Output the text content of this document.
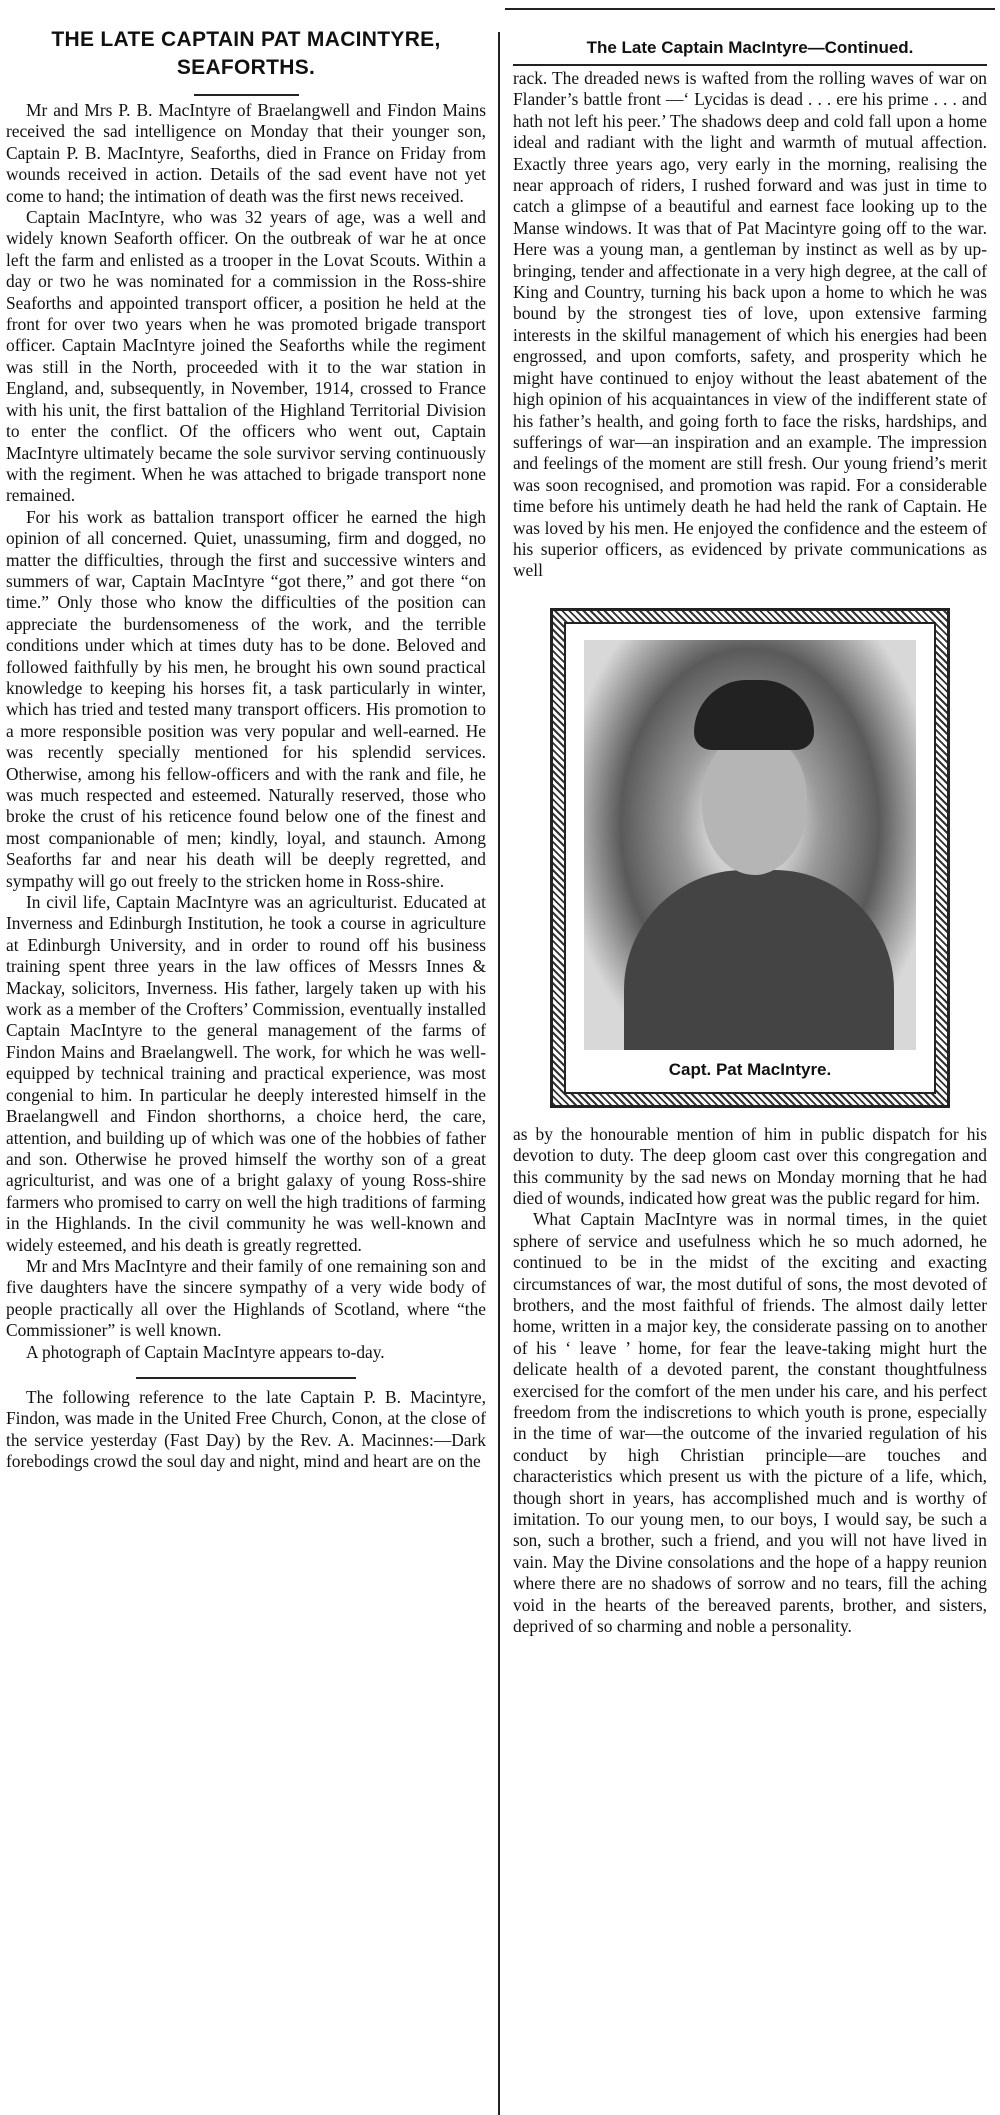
THE LATE CAPTAIN PAT MACINTYRE, SEAFORTHS.

Mr and Mrs P. B. MacIntyre of Braelangwell and Findon Mains received the sad intelligence on Monday that their younger son, Captain P. B. MacIntyre, Seaforths, died in France on Friday from wounds received in action. Details of the sad event have not yet come to hand; the intimation of death was the first news received.

Captain MacIntyre, who was 32 years of age, was a well and widely known Seaforth officer. On the outbreak of war he at once left the farm and enlisted as a trooper in the Lovat Scouts. Within a day or two he was nominated for a commission in the Ross-shire Seaforths and appointed transport officer, a position he held at the front for over two years when he was promoted brigade transport officer. Captain MacIntyre joined the Seaforths while the regiment was still in the North, proceeded with it to the war station in England, and, subsequently, in November, 1914, crossed to France with his unit, the first battalion of the Highland Territorial Division to enter the conflict. Of the officers who went out, Captain MacIntyre ultimately became the sole survivor serving continuously with the regiment. When he was attached to brigade transport none remained.

For his work as battalion transport officer he earned the high opinion of all concerned. Quiet, unassuming, firm and dogged, no matter the difficulties, through the first and successive winters and summers of war, Captain MacIntyre “got there,” and got there “on time.” Only those who know the difficulties of the position can appreciate the burdensomeness of the work, and the terrible conditions under which at times duty has to be done. Beloved and followed faithfully by his men, he brought his own sound practical knowledge to keeping his horses fit, a task particularly in winter, which has tried and tested many transport officers. His promotion to a more responsible position was very popular and well-earned. He was recently specially mentioned for his splendid services. Otherwise, among his fellow-officers and with the rank and file, he was much respected and esteemed. Naturally reserved, those who broke the crust of his reticence found below one of the finest and most companionable of men; kindly, loyal, and staunch. Among Seaforths far and near his death will be deeply regretted, and sympathy will go out freely to the stricken home in Ross-shire.

In civil life, Captain MacIntyre was an agriculturist. Educated at Inverness and Edinburgh Institution, he took a course in agriculture at Edinburgh University, and in order to round off his business training spent three years in the law offices of Messrs Innes & Mackay, solicitors, Inverness. His father, largely taken up with his work as a member of the Crofters’ Commission, eventually installed Captain MacIntyre to the general management of the farms of Findon Mains and Braelangwell. The work, for which he was well-equipped by technical training and practical experience, was most congenial to him. In particular he deeply interested himself in the Braelangwell and Findon shorthorns, a choice herd, the care, attention, and building up of which was one of the hobbies of father and son. Otherwise he proved himself the worthy son of a great agriculturist, and was one of a bright galaxy of young Ross-shire farmers who promised to carry on well the high traditions of farming in the Highlands. In the civil community he was well-known and widely esteemed, and his death is greatly regretted.

Mr and Mrs MacIntyre and their family of one remaining son and five daughters have the sincere sympathy of a very wide body of people practically all over the Highlands of Scotland, where “the Commissioner” is well known.

A photograph of Captain MacIntyre appears to-day.

The following reference to the late Captain P. B. Macintyre, Findon, was made in the United Free Church, Conon, at the close of the service yesterday (Fast Day) by the Rev. A. Macinnes:—Dark forebodings crowd the soul day and night, mind and heart are on the

The Late Captain MacIntyre—Continued.

rack. The dreaded news is wafted from the rolling waves of war on Flander’s battle front —‘ Lycidas is dead . . . ere his prime . . . and hath not left his peer.’ The shadows deep and cold fall upon a home ideal and radiant with the light and warmth of mutual affection. Exactly three years ago, very early in the morning, realising the near approach of riders, I rushed forward and was just in time to catch a glimpse of a beautiful and earnest face looking up to the Manse windows. It was that of Pat Macintyre going off to the war. Here was a young man, a gentleman by instinct as well as by up-bringing, tender and affectionate in a very high degree, at the call of King and Country, turning his back upon a home to which he was bound by the strongest ties of love, upon extensive farming interests in the skilful management of which his energies had been engrossed, and upon comforts, safety, and prosperity which he might have continued to enjoy without the least abatement of the high opinion of his acquaintances in view of the indifferent state of his father’s health, and going forth to face the risks, hardships, and sufferings of war—an inspiration and an example. The impression and feelings of the moment are still fresh. Our young friend’s merit was soon recognised, and promotion was rapid. For a considerable time before his untimely death he had held the rank of Captain. He was loved by his men. He enjoyed the confidence and the esteem of his superior officers, as evidenced by private communications as well

Capt. Pat MacIntyre.

as by the honourable mention of him in public dispatch for his devotion to duty. The deep gloom cast over this congregation and this community by the sad news on Monday morning that he had died of wounds, indicated how great was the public regard for him.

What Captain MacIntyre was in normal times, in the quiet sphere of service and usefulness which he so much adorned, he continued to be in the midst of the exciting and exacting circumstances of war, the most dutiful of sons, the most devoted of brothers, and the most faithful of friends. The almost daily letter home, written in a major key, the considerate passing on to another of his ‘ leave ’ home, for fear the leave-taking might hurt the delicate health of a devoted parent, the constant thoughtfulness exercised for the comfort of the men under his care, and his perfect freedom from the indiscretions to which youth is prone, especially in the time of war—the outcome of the invaried regulation of his conduct by high Christian principle—are touches and characteristics which present us with the picture of a life, which, though short in years, has accomplished much and is worthy of imitation. To our young men, to our boys, I would say, be such a son, such a brother, such a friend, and you will not have lived in vain. May the Divine consolations and the hope of a happy reunion where there are no shadows of sorrow and no tears, fill the aching void in the hearts of the bereaved parents, brother, and sisters, deprived of so charming and noble a personality.
